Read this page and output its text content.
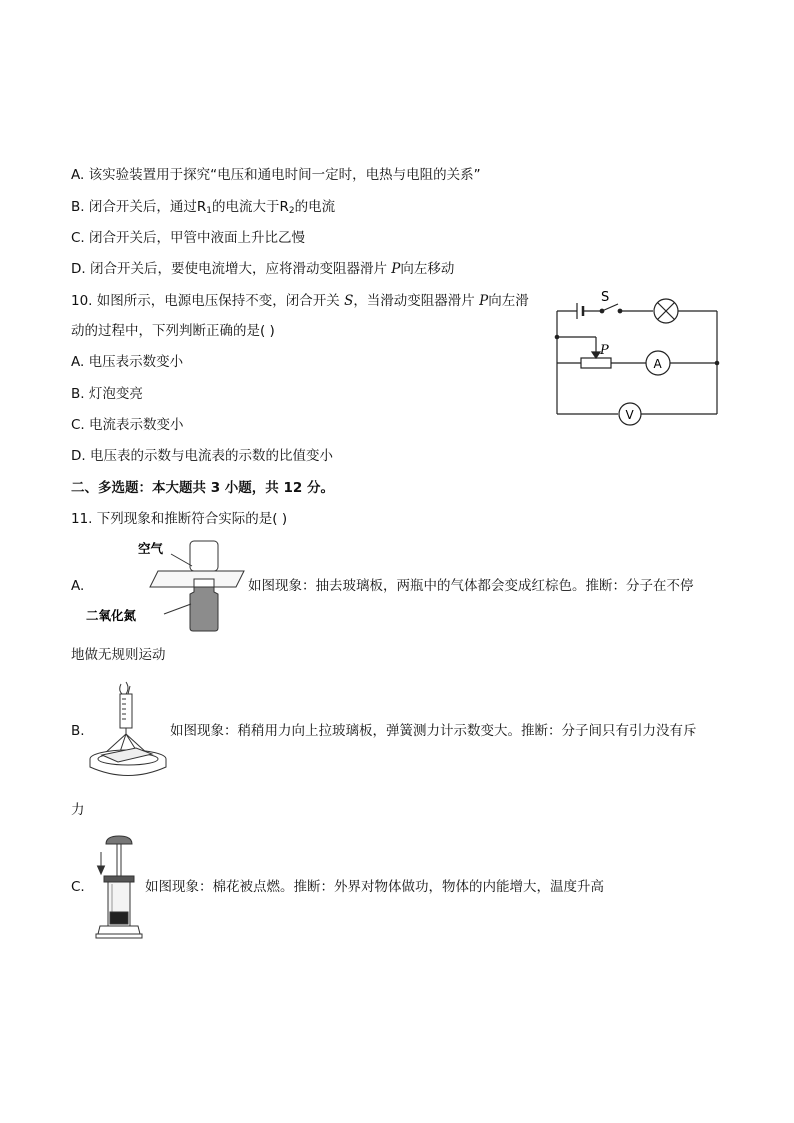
A. 该实验装置用于探究“电压和通电时间一定时，电热与电阻的关系”
B. 闭合开关后，通过$R_1$的电流大于$R_2$的电流
C. 闭合开关后，甲管中液面上升比乙慢
D. 闭合开关后，要使电流增大，应将滑动变阻器滑片 P向左移动
10. 如图所示，电源电压保持不变，闭合开关 S，当滑动变阻器滑片 P向左滑
动的过程中，下列判断正确的是( )
A. 电压表示数变小
B. 灯泡变亮
C. 电流表示数变小
D. 电压表的示数与电流表的示数的比值变小
S
P
A
V
二、多选题：本大题共 3 小题，共 12 分。
11. 下列现象和推断符合实际的是( )
A.
空气
二氧化氮
如图现象：抽去玻璃板，两瓶中的气体都会变成红棕色。推断：分子在不停
地做无规则运动
B.	如图现象：稍稍用力向上拉玻璃板，弹簧测力计示数变大。推断：分子间只有引力没有斥
力
C.	如图现象：棉花被点燃。推断：外界对物体做功，物体的内能增大，温度升高
